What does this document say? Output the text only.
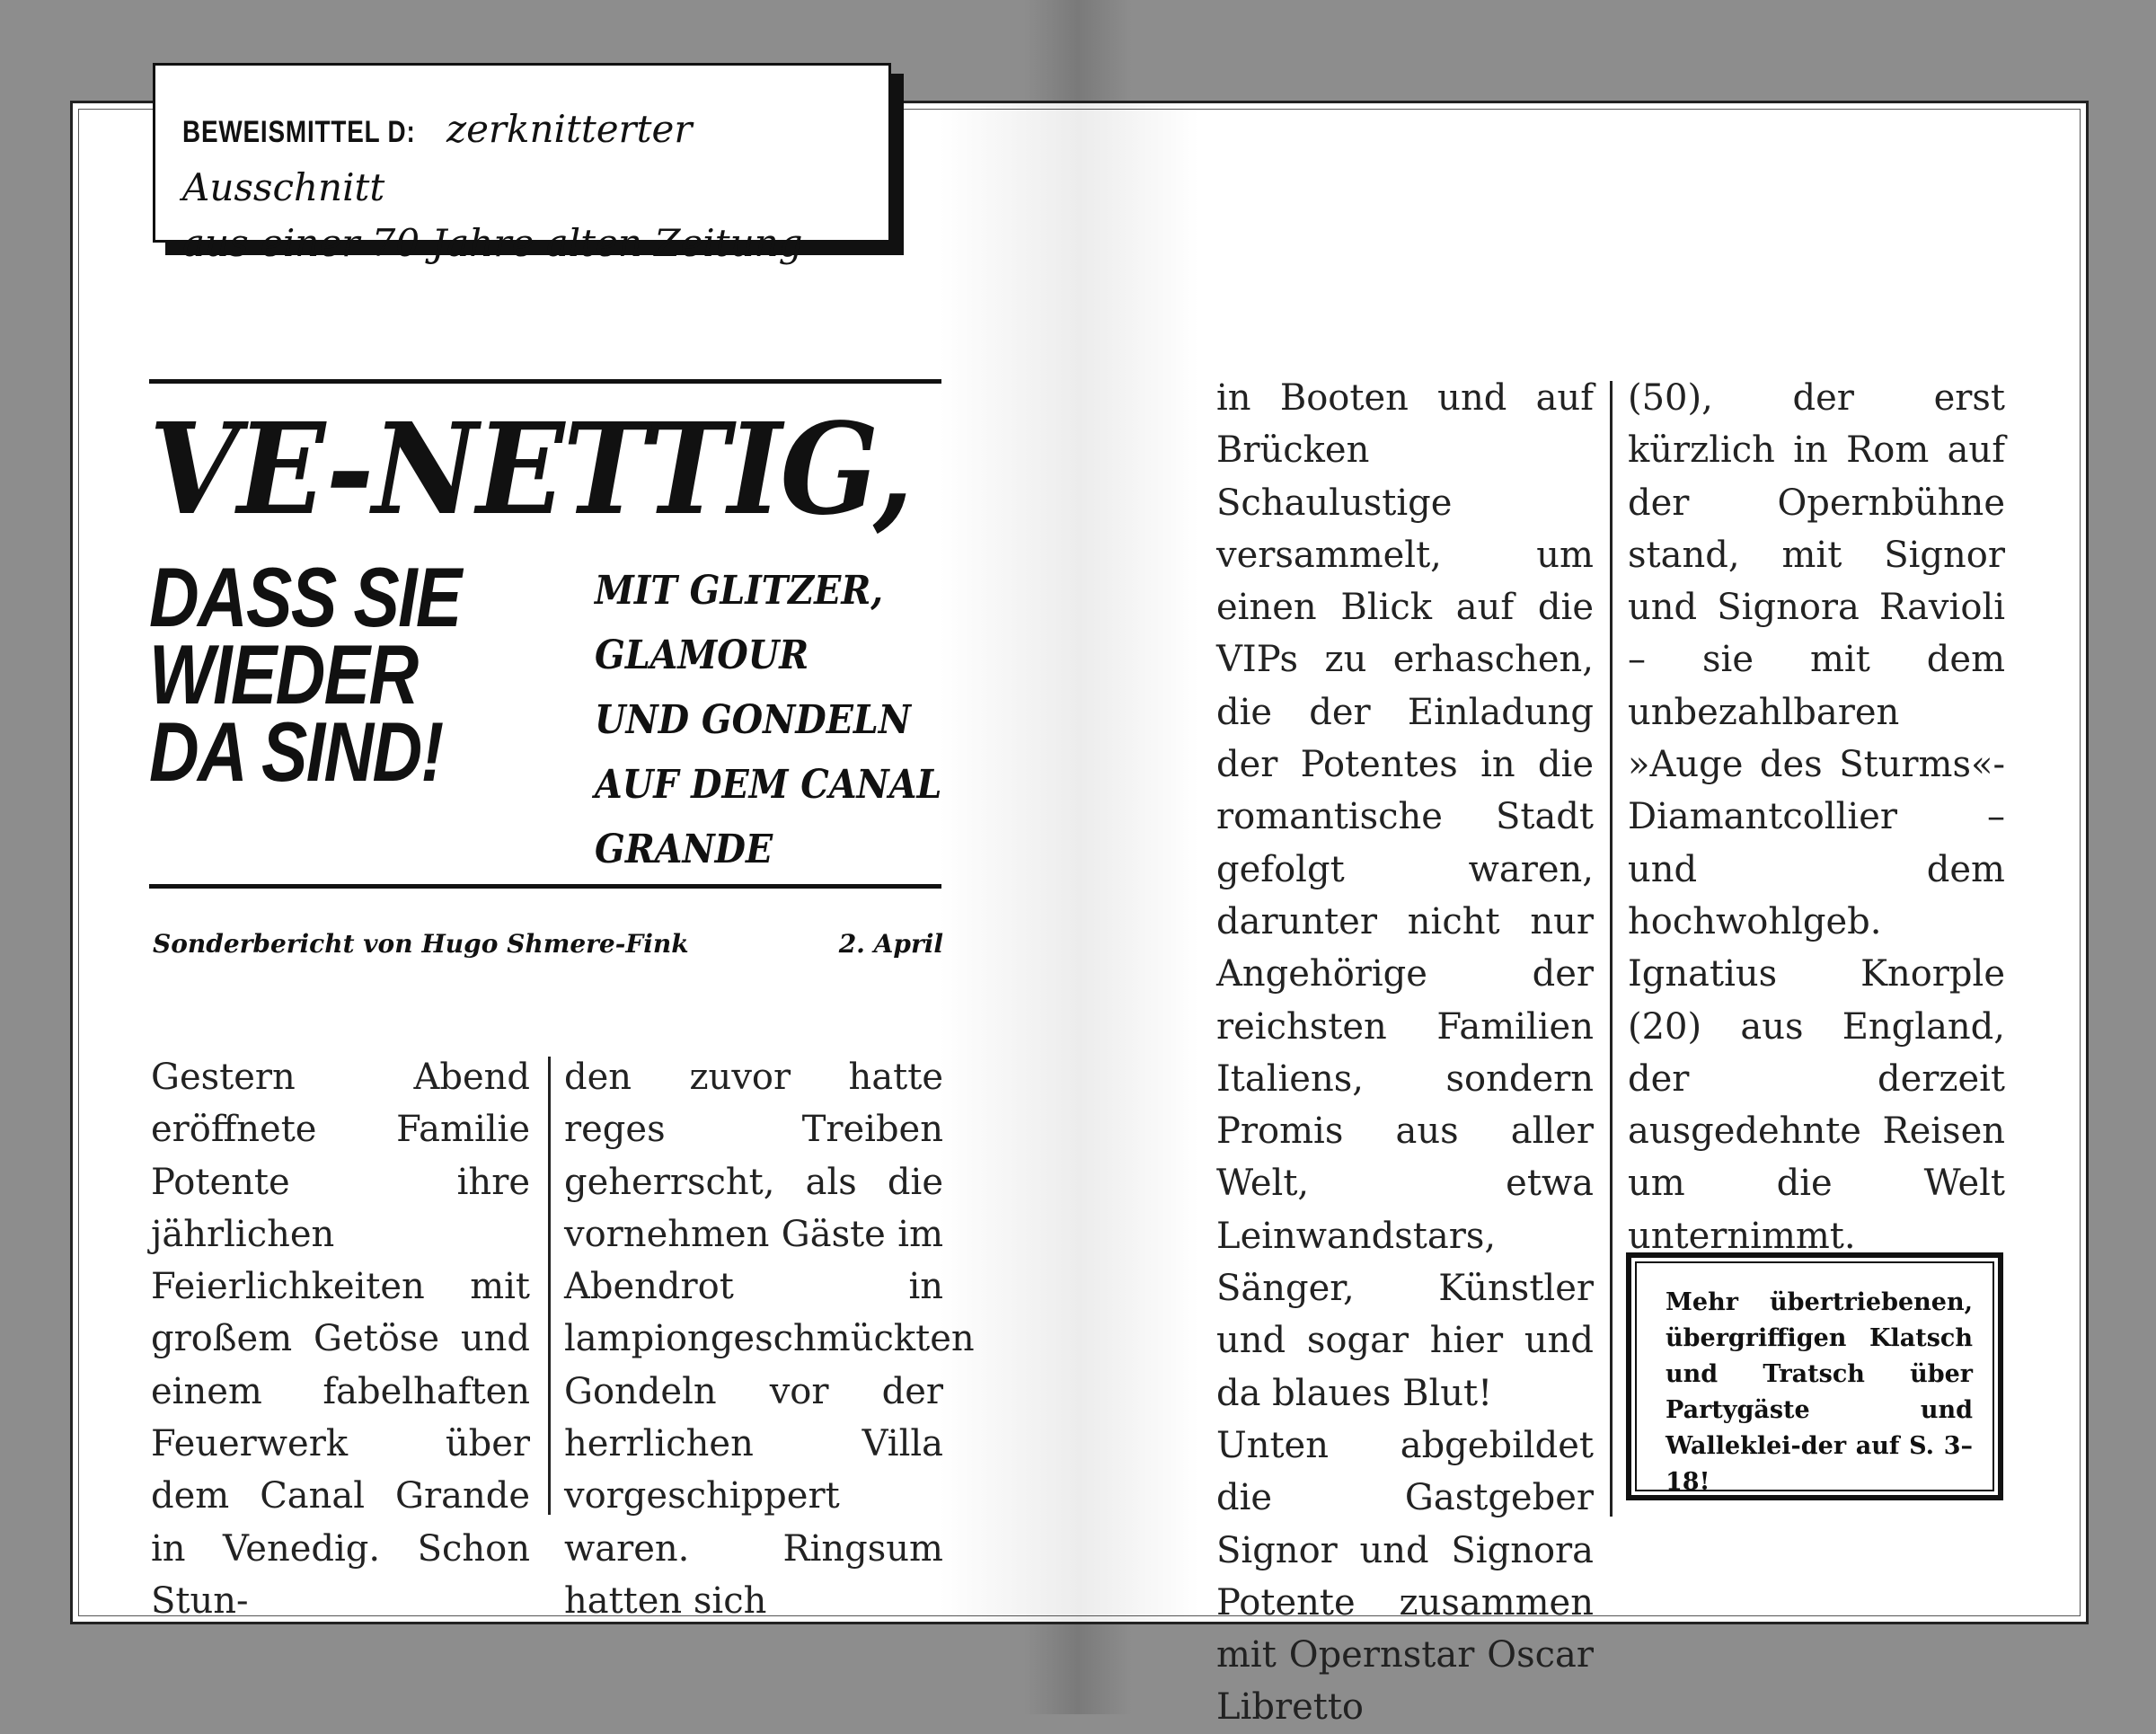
BEWEISMITTEL D: zerknitterter Ausschnitt
aus einer 70 Jahre alten Zeitung
VE-NETTIG,
DASS SIE
WIEDER
DA SIND!
MIT GLITZER,
GLAMOUR
UND GONDELN
AUF DEM CANAL
GRANDE
Sonderbericht von Hugo Shmere-Fink	2. April

Gestern Abend eröffnete Familie Potente ihre jährlichen Feierlichkeiten mit großem Getöse und einem fabelhaften Feuerwerk über dem Canal Grande in Venedig. Schon Stun-

den zuvor hatte reges Treiben geherrscht, als die vornehmen Gäste im Abendrot in lampiongeschmückten Gondeln vor der herrlichen Villa vorgeschippert waren. Ringsum hatten sich

in Booten und auf Brücken Schaulustige versammelt, um einen Blick auf die VIPs zu erhaschen, die der Einladung der Potentes in die romantische Stadt gefolgt waren, darunter nicht nur Angehörige der reichsten Familien Italiens, sondern Promis aus aller Welt, etwa Leinwandstars, Sänger, Künstler und sogar hier und da blaues Blut!

Unten abgebildet die Gastgeber Signor und Signora Potente zusammen mit Opernstar Oscar Libretto

(50), der erst kürzlich in Rom auf der Opernbühne stand, mit Signor und Signora Ravioli – sie mit dem unbezahlbaren »Auge des Sturms«-Diamantcollier – und dem hochwohlgeb. Ignatius Knorple (20) aus England, der derzeit ausgedehnte Reisen um die Welt unternimmt.

Mehr übertriebenen, übergriffigen Klatsch und Tratsch über Partygäste und Walleklei-der auf S. 3–18!
